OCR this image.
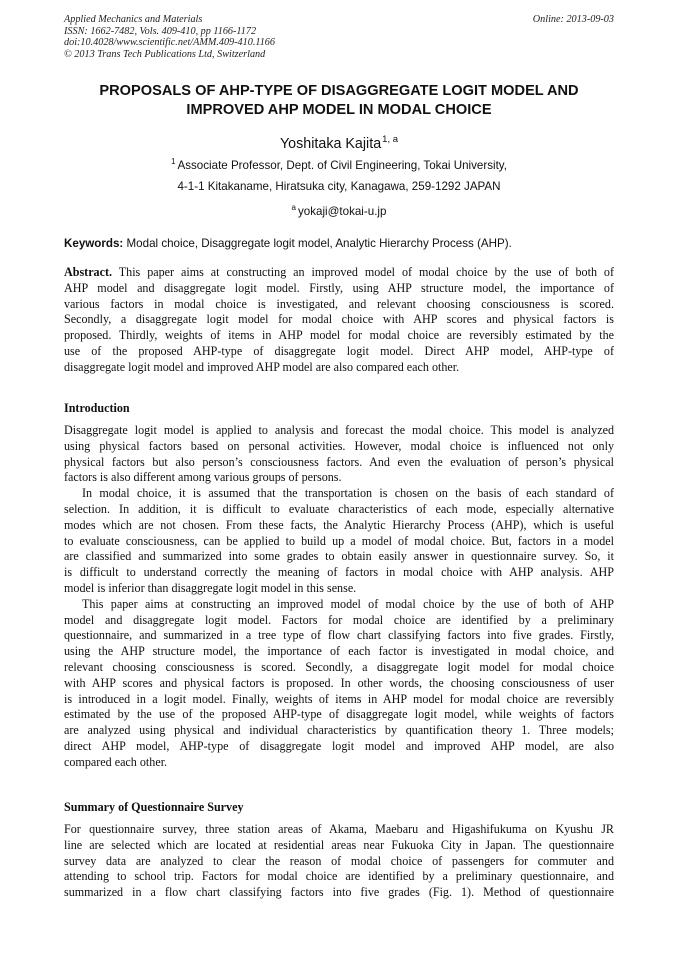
Applied Mechanics and Materials
ISSN: 1662-7482, Vols. 409-410, pp 1166-1172
doi:10.4028/www.scientific.net/AMM.409-410.1166
© 2013 Trans Tech Publications Ltd, Switzerland
Online: 2013-09-03
PROPOSALS OF AHP-TYPE OF DISAGGREGATE LOGIT MODEL AND
IMPROVED AHP MODEL IN MODAL CHOICE
Yoshitaka Kajita$^{1, a}$
$^1$ Associate Professor, Dept. of Civil Engineering, Tokai University,
4-1-1 Kitakaname, Hiratsuka city, Kanagawa, 259-1292 JAPAN
$^a$ yokaji@tokai-u.jp
Keywords: Modal choice, Disaggregate logit model, Analytic Hierarchy Process (AHP).
Abstract. This paper aims at constructing an improved model of modal choice by the use of both of
AHP model and disaggregate logit model. Firstly, using AHP structure model, the importance of
various factors in modal choice is investigated, and relevant choosing consciousness is scored.
Secondly, a disaggregate logit model for modal choice with AHP scores and physical factors is
proposed. Thirdly, weights of items in AHP model for modal choice are reversibly estimated by the
use of the proposed AHP-type of disaggregate logit model. Direct AHP model, AHP-type of
disaggregate logit model and improved AHP model are also compared each other.
Introduction
Disaggregate logit model is applied to analysis and forecast the modal choice. This model is analyzed
using physical factors based on personal activities. However, modal choice is influenced not only
physical factors but also person’s consciousness factors. And even the evaluation of person’s physical
factors is also different among various groups of persons.
In modal choice, it is assumed that the transportation is chosen on the basis of each standard of
selection. In addition, it is difficult to evaluate characteristics of each mode, especially alternative
modes which are not chosen. From these facts, the Analytic Hierarchy Process (AHP), which is useful
to evaluate consciousness, can be applied to build up a model of modal choice. But, factors in a model
are classified and summarized into some grades to obtain easily answer in questionnaire survey. So, it
is difficult to understand correctly the meaning of factors in modal choice with AHP analysis. AHP
model is inferior than disaggregate logit model in this sense.
This paper aims at constructing an improved model of modal choice by the use of both of AHP
model and disaggregate logit model. Factors for modal choice are identified by a preliminary
questionnaire, and summarized in a tree type of flow chart classifying factors into five grades. Firstly,
using the AHP structure model, the importance of each factor is investigated in modal choice, and
relevant choosing consciousness is scored. Secondly, a disaggregate logit model for modal choice
with AHP scores and physical factors is proposed. In other words, the choosing consciousness of user
is introduced in a logit model. Finally, weights of items in AHP model for modal choice are reversibly
estimated by the use of the proposed AHP-type of disaggregate logit model, while weights of factors
are analyzed using physical and individual characteristics by quantification theory 1. Three models;
direct AHP model, AHP-type of disaggregate logit model and improved AHP model, are also
compared each other.
Summary of Questionnaire Survey
For questionnaire survey, three station areas of Akama, Maebaru and Higashifukuma on Kyushu JR
line are selected which are located at residential areas near Fukuoka City in Japan. The questionnaire
survey data are analyzed to clear the reason of modal choice of passengers for commuter and
attending to school trip. Factors for modal choice are identified by a preliminary questionnaire, and
summarized in a flow chart classifying factors into five grades (Fig. 1). Method of questionnaire
